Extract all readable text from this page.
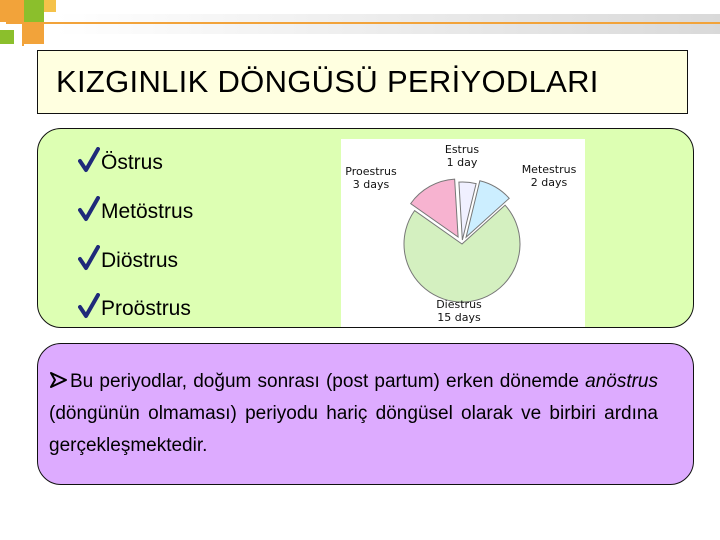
KIZGINLIK DÖNGÜSÜ PERİYODLARI
Östrus
Metöstrus
Diöstrus
Proöstrus
Estrus
1 day
Metestrus
2 days
Diestrus
15 days
Proestrus
3 days
Bu periyodlar, doğum sonrası (post partum) erken dönemde anöstrus (döngünün olmaması) periyodu hariç döngüsel olarak ve birbiri ardına gerçekleşmektedir.
